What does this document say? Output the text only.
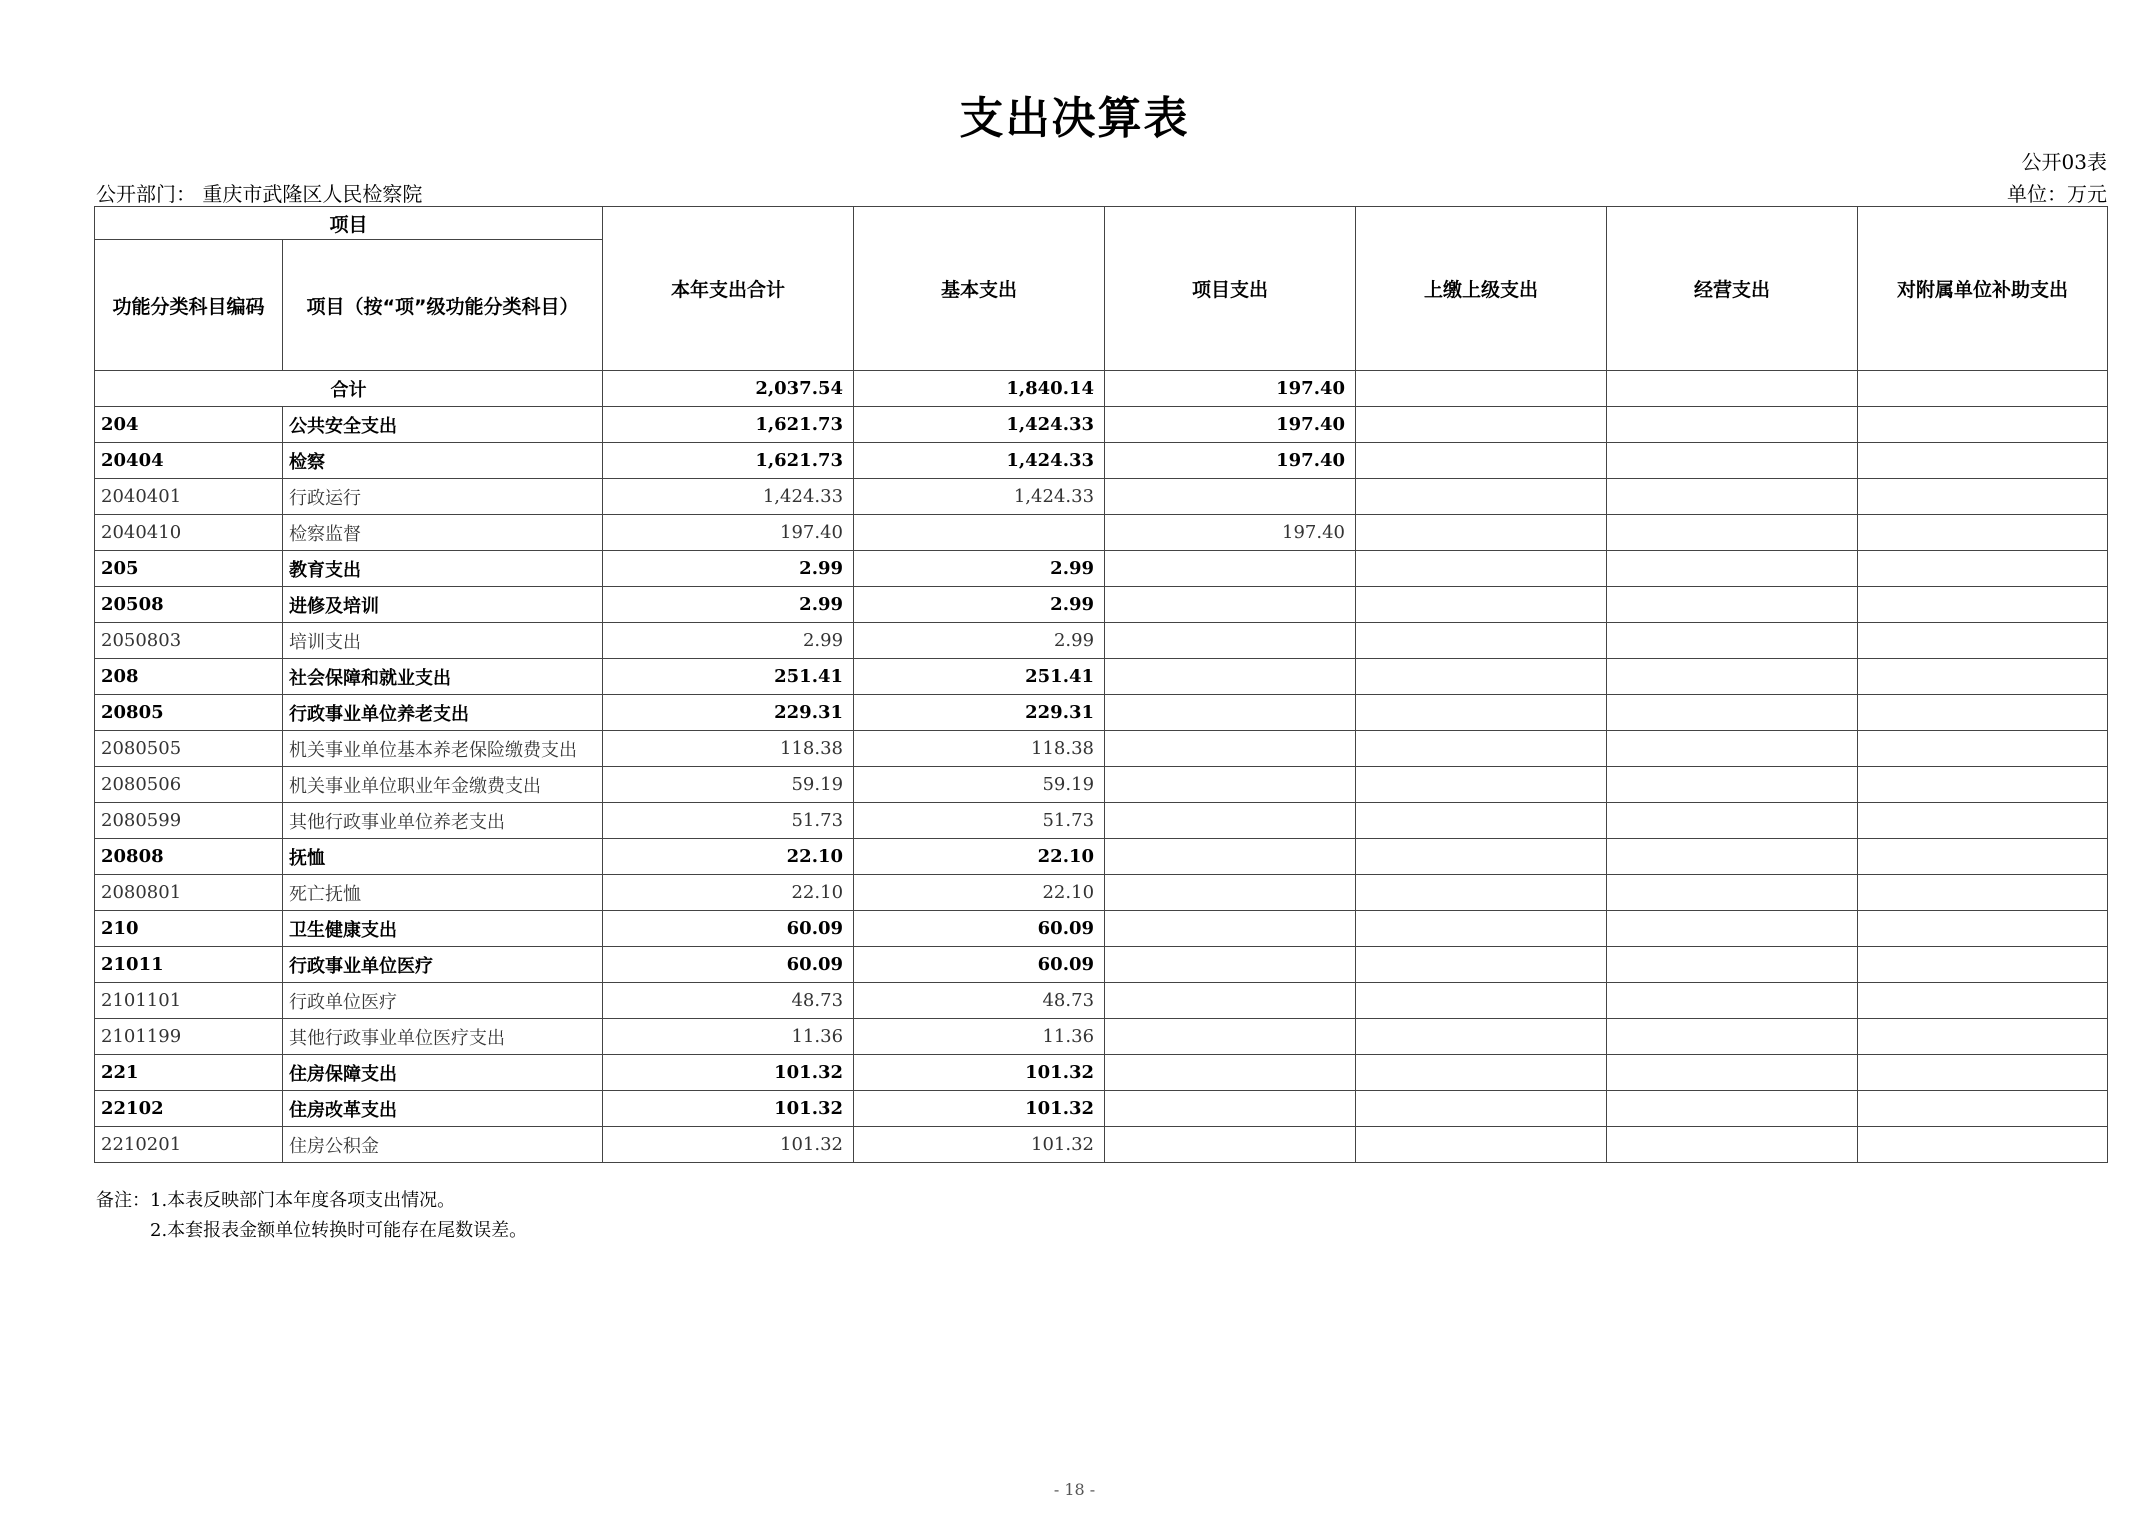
支出决算表
公开03表
公开部门： 重庆市武隆区人民检察院	单位：万元
项目		本年支出合计	基本支出	项目支出	上缴上级支出	经营支出	对附属单位补助支出
功能分类科目编码	项目（按“项”级功能分类科目）						
合计		2,037.54	1,840.14	197.40			
204	公共安全支出	1,621.73	1,424.33	197.40			
20404	检察	1,621.73	1,424.33	197.40			
2040401	行政运行	1,424.33	1,424.33				
2040410	检察监督	197.40		197.40			
205	教育支出	2.99	2.99				
20508	进修及培训	2.99	2.99				
2050803	培训支出	2.99	2.99				
208	社会保障和就业支出	251.41	251.41				
20805	行政事业单位养老支出	229.31	229.31				
2080505	机关事业单位基本养老保险缴费支出	118.38	118.38				
2080506	机关事业单位职业年金缴费支出	59.19	59.19				
2080599	其他行政事业单位养老支出	51.73	51.73				
20808	抚恤	22.10	22.10				
2080801	死亡抚恤	22.10	22.10				
210	卫生健康支出	60.09	60.09				
21011	行政事业单位医疗	60.09	60.09				
2101101	行政单位医疗	48.73	48.73				
2101199	其他行政事业单位医疗支出	11.36	11.36				
221	住房保障支出	101.32	101.32				
22102	住房改革支出	101.32	101.32				
2210201	住房公积金	101.32	101.32				
备注：1.本表反映部门本年度各项支出情况。
2.本套报表金额单位转换时可能存在尾数误差。
- 18 -
